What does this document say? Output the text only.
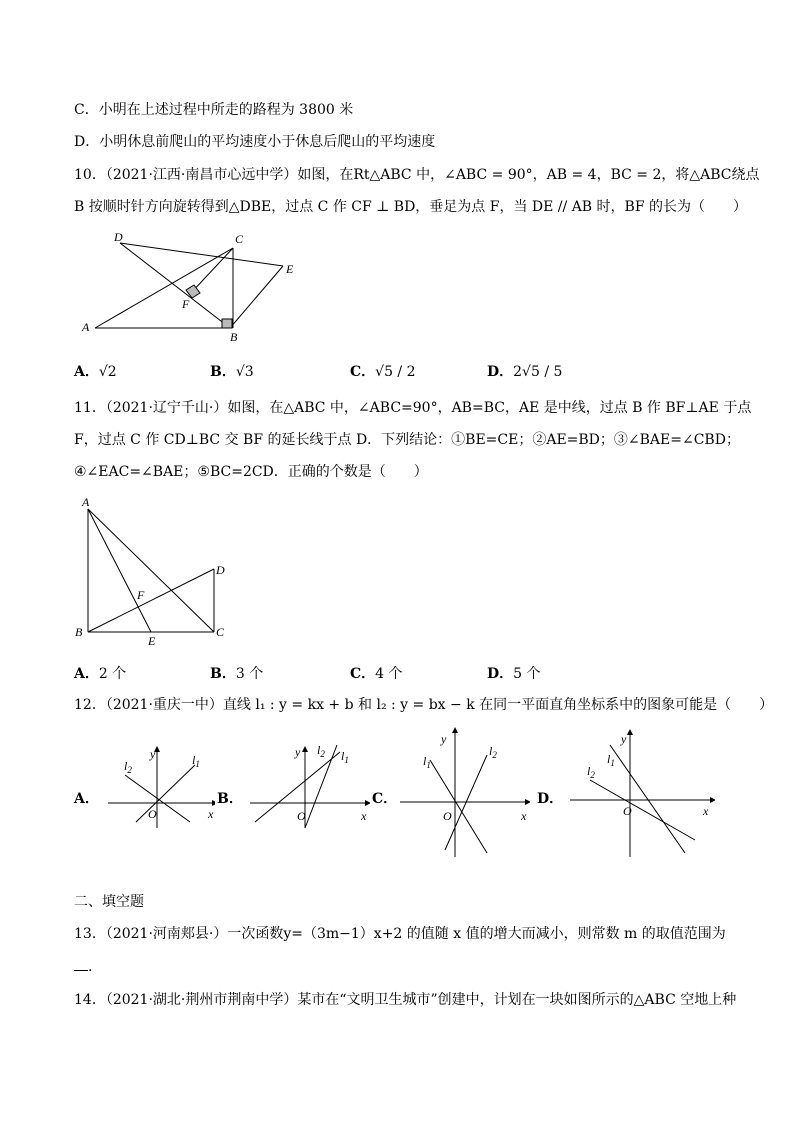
C．小明在上述过程中所走的路程为 3800 米
D．小明休息前爬山的平均速度小于休息后爬山的平均速度
10．（2021·江西·南昌市心远中学）如图，在Rt△ABC 中，∠ABC = 90°，AB = 4，BC = 2，将△ABC绕点
B 按顺时针方向旋转得到△DBE，过点 C 作 CF ⊥ BD，垂足为点 F，当 DE // AB 时，BF 的长为（　　）
D	C
E
F
A
B
A．√2	B．√3	C．√5 / 2	D．2√5 / 5
11．（2021·辽宁千山·）如图，在△ABC 中，∠ABC=90°，AB=BC，AE 是中线，过点 B 作 BF⊥AE 于点
F，过点 C 作 CD⊥BC 交 BF 的延长线于点 D．下列结论：①BE=CE；②AE=BD；③∠BAE=∠CBD；
④∠EAC=∠BAE；⑤BC=2CD．正确的个数是（　　）
A
D
F
B
E
C
A．2 个	B．3 个	C．4 个	D．5 个
12．（2021·重庆一中）直线 l₁ : y = kx + b 和 l₂ : y = bx − k 在同一平面直角坐标系中的图象可能是（　　）
A．	B．	C．	D．
y
x
O
$l_2$
$l_1$
y
x
O
$l_2$ $l_1$
y
x
O
$l_1$
$l_2$
y
x
O
$l_2$
$l_1$
二、填空题
13．（2021·河南郏县·）一次函数y=（3m−1）x+2 的值随 x 值的增大而减小，则常数 m 的取值范围为
.
14．（2021·湖北·荆州市荆南中学）某市在“文明卫生城市”创建中，计划在一块如图所示的△ABC 空地上种
